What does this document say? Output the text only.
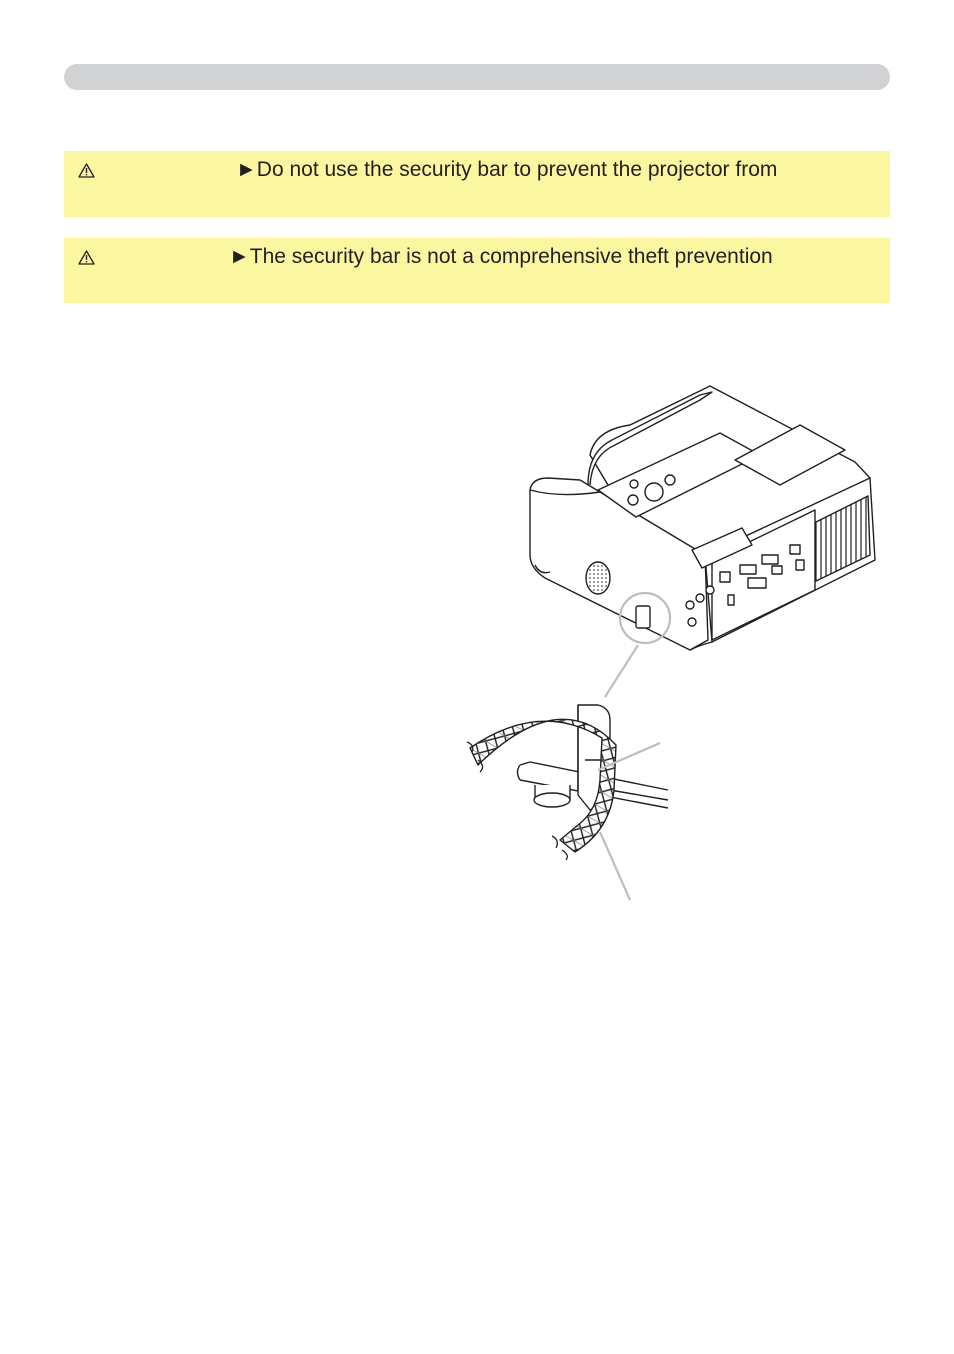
►Do not use the security bar to prevent the projector from
►The security bar is not a comprehensive theft prevention
